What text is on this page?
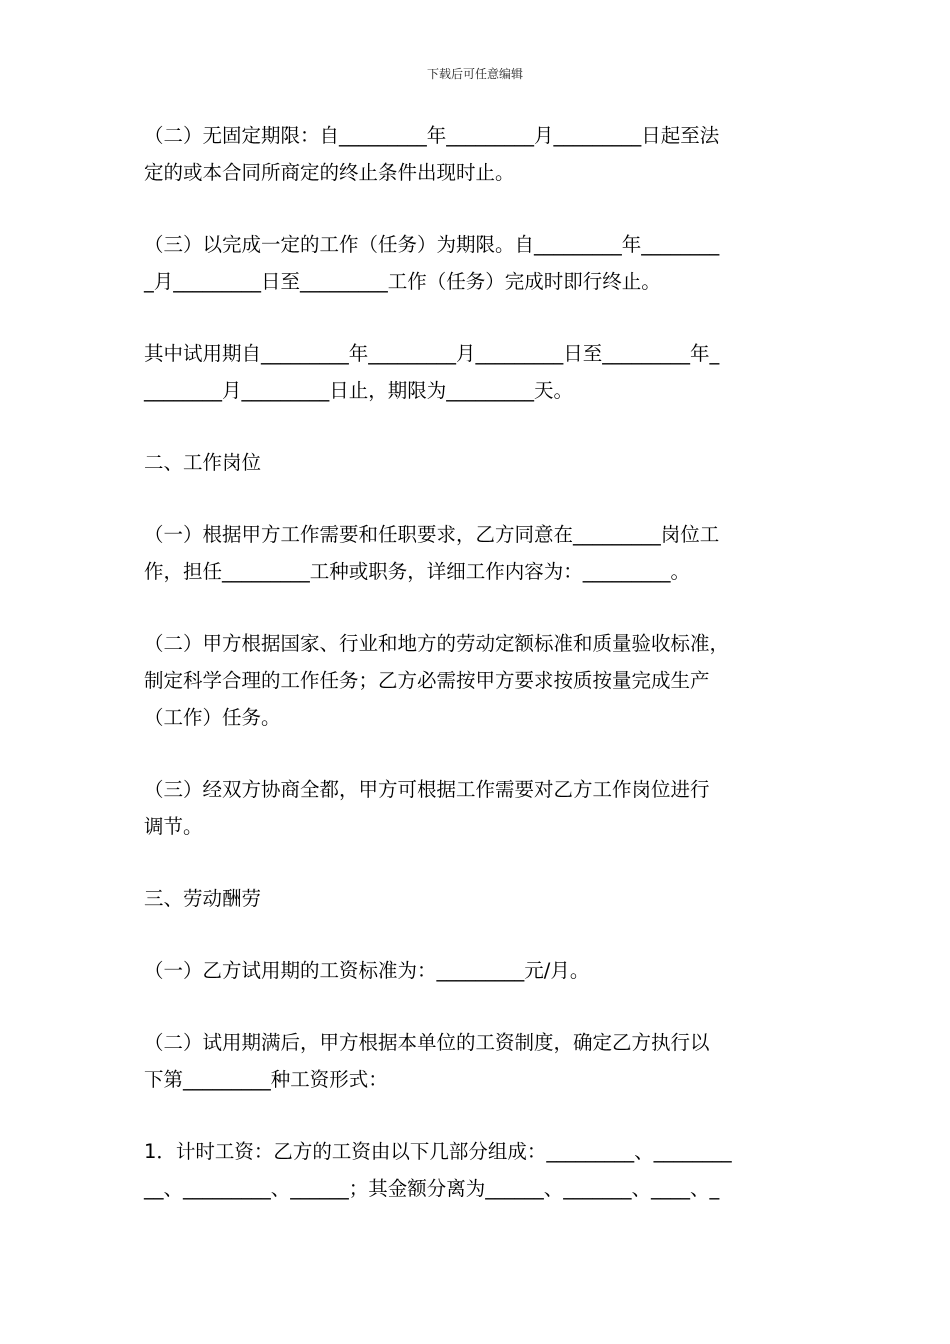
下载后可任意编辑
（二）无固定期限：自_________年_________月_________日起至法
定的或本合同所商定的终止条件出现时止。
（三）以完成一定的工作（任务）为期限。自_________年________
_月_________日至_________工作（任务）完成时即行终止。
其中试用期自_________年_________月_________日至_________年_
________月_________日止，期限为_________天。
二、工作岗位
（一）根据甲方工作需要和任职要求，乙方同意在_________岗位工
作，担任_________工种或职务，详细工作内容为：_________。
（二）甲方根据国家、行业和地方的劳动定额标准和质量验收标准，
制定科学合理的工作任务；乙方必需按甲方要求按质按量完成生产
（工作）任务。
（三）经双方协商全都，甲方可根据工作需要对乙方工作岗位进行
调节。
三、劳动酬劳
（一）乙方试用期的工资标准为：_________元/月。
（二）试用期满后，甲方根据本单位的工资制度，确定乙方执行以
下第_________种工资形式：
1．计时工资：乙方的工资由以下几部分组成：_________、________
__、_________、______；其金额分离为______、_______、____、_
